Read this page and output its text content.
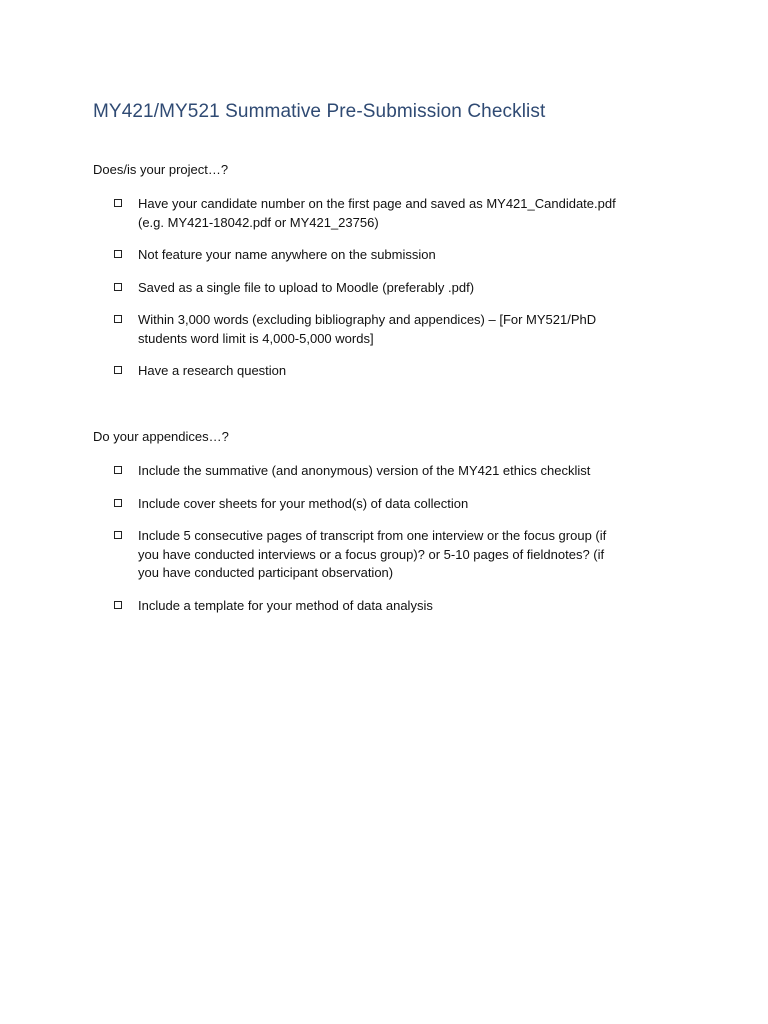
MY421/MY521 Summative Pre-Submission Checklist
Does/is your project…?
Have your candidate number on the first page and saved as MY421_Candidate.pdf
(e.g. MY421-18042.pdf or MY421_23756)
Not feature your name anywhere on the submission
Saved as a single file to upload to Moodle (preferably .pdf)
Within 3,000 words (excluding bibliography and appendices) – [For MY521/PhD
students word limit is 4,000-5,000 words]
Have a research question
Do your appendices…?
Include the summative (and anonymous) version of the MY421 ethics checklist
Include cover sheets for your method(s) of data collection
Include 5 consecutive pages of transcript from one interview or the focus group (if
you have conducted interviews or a focus group)? or 5-10 pages of fieldnotes? (if
you have conducted participant observation)
Include a template for your method of data analysis
